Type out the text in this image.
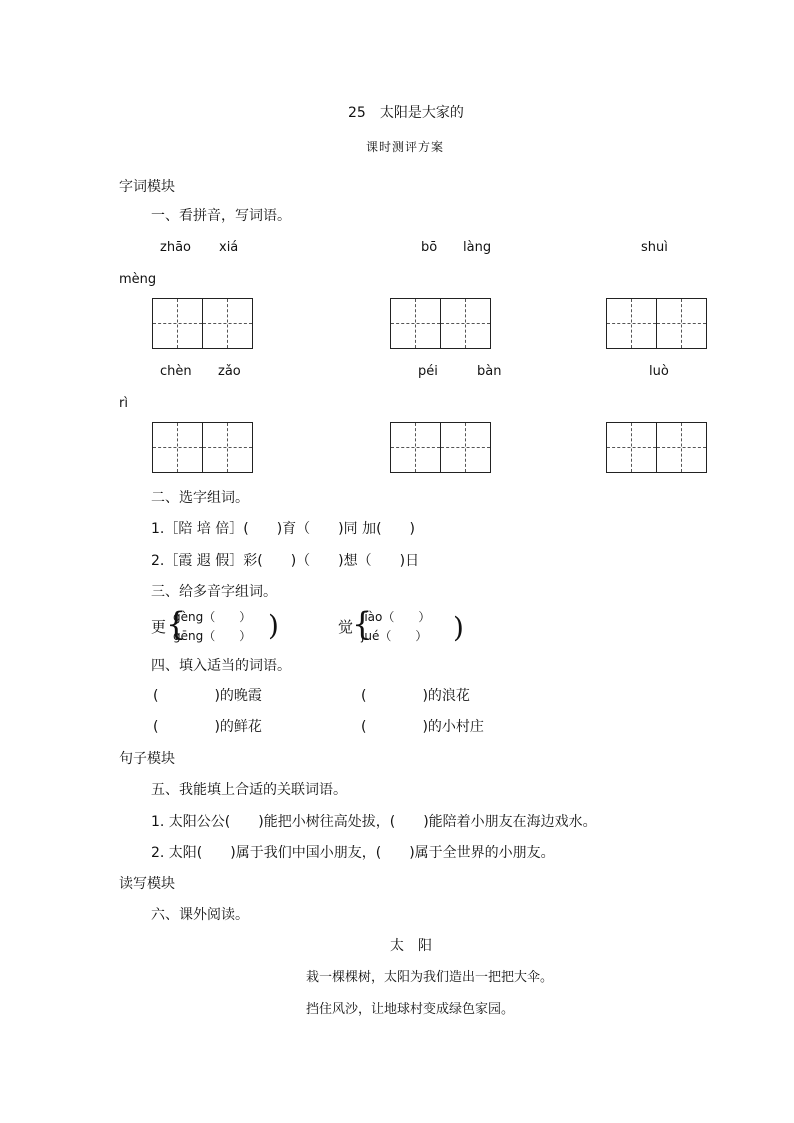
25　太阳是大家的
课时测评方案
字词模块
一、看拼音，写词语。
zhāo xiá	bō làng	shuì
mèng
chèn zǎo	péi	bàn	luò
rì
二、选字组词。
1.［陪 培 倍］(　　)育（　　)同 加(　　)
2.［霞 遐 假］彩(　　)（　　)想（　　)日
三、给多音字组词。
更 {
gèng（　　）
gēng（　　） )	觉
{
jiào（　　）
jué（　　） )
四、填入适当的词语。
(　　　　)的晚霞	(　　　　)的浪花
(　　　　)的鲜花	(　　　　)的小村庄
句子模块
五、我能填上合适的关联词语。
1. 太阳公公(　　)能把小树往高处拔，(　　)能陪着小朋友在海边戏水。
2. 太阳(　　)属于我们中国小朋友，(　　)属于全世界的小朋友。
读写模块
六、课外阅读。
太　阳
栽一棵棵树，太阳为我们造出一把把大伞。
挡住风沙，让地球村变成绿色家园。
